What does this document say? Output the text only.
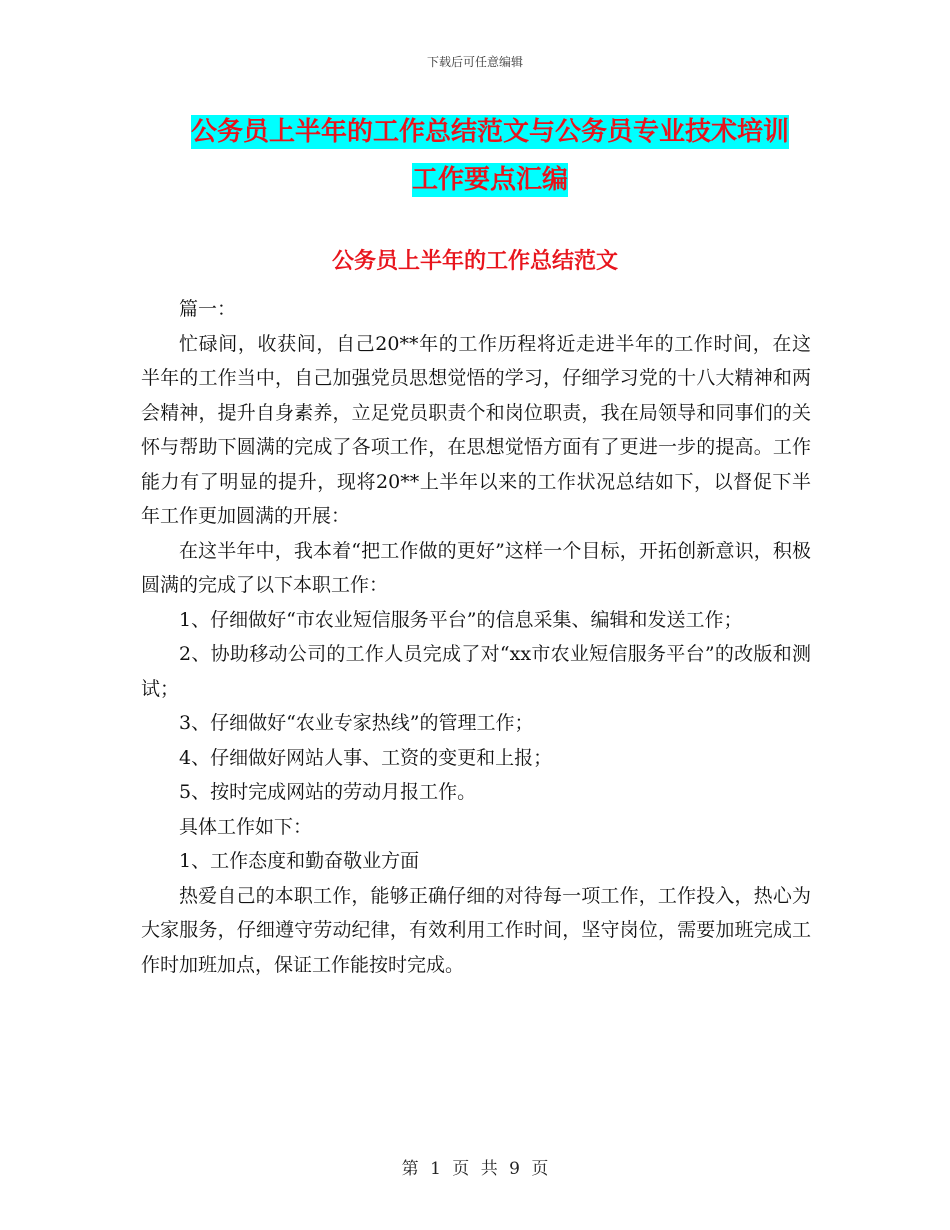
下载后可任意编辑
公务员上半年的工作总结范文与公务员专业技术培训
工作要点汇编
公务员上半年的工作总结范文

篇一：

忙碌间，收获间，自己20**年的工作历程将近走进半年的工作时间，在这半年的工作当中，自己加强党员思想觉悟的学习，仔细学习党的十八大精神和两会精神，提升自身素养，立足党员职责个和岗位职责，我在局领导和同事们的关怀与帮助下圆满的完成了各项工作，在思想觉悟方面有了更进一步的提高。工作能力有了明显的提升，现将20**上半年以来的工作状况总结如下，以督促下半年工作更加圆满的开展：

在这半年中，我本着“把工作做的更好”这样一个目标，开拓创新意识，积极圆满的完成了以下本职工作：

1、仔细做好“市农业短信服务平台”的信息采集、编辑和发送工作；

2、协助移动公司的工作人员完成了对“xx市农业短信服务平台”的改版和测试；

3、仔细做好“农业专家热线”的管理工作；

4、仔细做好网站人事、工资的变更和上报；

5、按时完成网站的劳动月报工作。

具体工作如下：

1、工作态度和勤奋敬业方面

热爱自己的本职工作，能够正确仔细的对待每一项工作，工作投入，热心为大家服务，仔细遵守劳动纪律，有效利用工作时间，坚守岗位，需要加班完成工作时加班加点，保证工作能按时完成。

第 1 页 共 9 页
